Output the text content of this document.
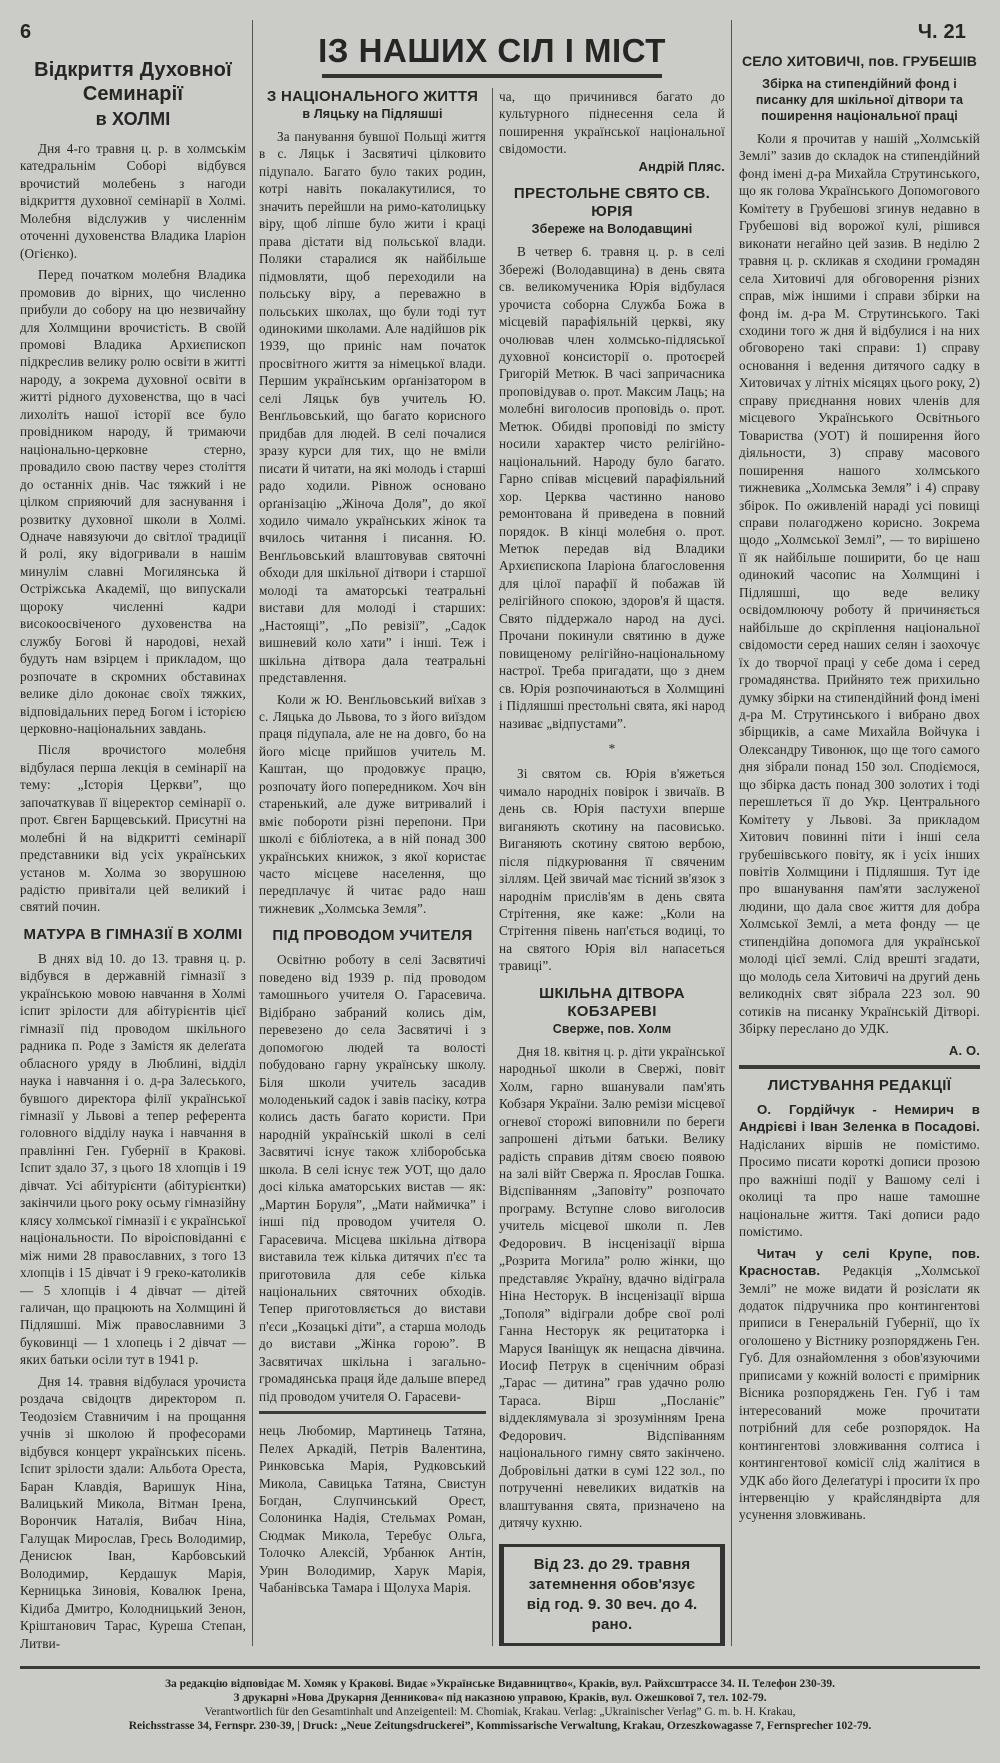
6
Відкриття Духовної Семинарії
в ХОЛМІ

Дня 4-го травня ц. р. в холмськім катедральнім Соборі відбувся врочистий молебень з нагоди відкриття духовної семінарії в Холмі. Молебня відслужив у численнім оточенні духовенства Владика Іларіон (Огієнко).

Перед початком молебня Владика промовив до вірних, що численно прибули до собору на цю незвичайну для Холмщини врочистість. В своїй промові Владика Архиєпископ підкреслив велику ролю освіти в житті народу, а зокрема духовної освіти в житті рідного духовенства, що в часі лихоліть нашої історії все було провідником народу, й тримаючи національно-церковне стерно, провадило свою паству через століття до останніх днів. Час тяжкий і не цілком сприяючий для заснування і розвитку духовної школи в Холмі. Одначе навязуючи до світлої традиції й ролі, яку відогривали в нашім минулім славні Могилянська й Острiжська Академії, що випускали щороку численні кадри високоосвіченого духовенства на службу Богові й народові, нехай будуть нам взірцем і прикладом, що розпочате в скромних обставинах велике діло доконає своїх тяжких, відповідальних перед Богом і історією церковно-національних завдань.

Після врочистого молебня відбулася перша лекція в семінарії на тему: „Історія Церкви”, що започаткував її віцеректор семінарії о. прот. Євген Барщевський. Присутні на молебні й на відкритті семінарії представники від усіх українських установ м. Холма зо зворушною радістю привітали цей великий і святий почин.

МАТУРА В ГІМНАЗІЇ В ХОЛМІ

В днях від 10. до 13. травня ц. р. відбувся в державній гімназії з українською мовою навчання в Холмі іспит зрілости для абітурієнтів цієї гімназії під проводом шкільного радника п. Роде з Замістя як делеґата обласного уряду в Люблині, відділ наука і навчання і о. д-ра Залеського, бувшого директора філії української гімназії у Львові а тепер референта головного відділу наука і навчання в правлінні Ген. Губернії в Кракові. Іспит здало 37, з цього 18 хлопців і 19 дівчат. Усі абітурієнти (абітурієнтки) закінчили цього року осьму гімназійну клясу холмської гімназії і є української національности. По віроісповіданні є між ними 28 православних, з того 13 хлопців і 15 дівчат і 9 греко-католиків — 5 хлопців і 4 дівчат — дітей галичан, що працюють на Холмщині й Підляшші. Між православними 3 буковинці — 1 хлопець і 2 дівчат — яких батьки осіли тут в 1941 р.

Дня 14. травня відбулася урочиста роздача свідоцтв директором п. Теодозієм Ставничим і на прощання учнів зі школою й професорами відбувся концерт українських пісень. Іспит зрілости здали: Альбота Ореста, Баран Клавдія, Варишук Ніна, Валицький Микола, Вітман Ірена, Ворончик Наталія, Вибач Ніна, Галущак Мирослав, Гресь Володимир, Денисюк Іван, Карбовський Володимир, Кердашук Марія, Керницька Зиновія, Ковалюк Ірена, Кідиба Дмитро, Колодницький Зенон, Кріштанович Тарас, Куреша Степан, Литви-

ІЗ НАШИХ СІЛ І МІСТ
З НАЦІОНАЛЬНОГО ЖИТТЯ
в Ляцьку на Підляшші

За панування бувшої Польщі життя в с. Ляцьк і Засвятичі цілковито підупало. Багато було таких родин, котрі навіть покалакутилися, то значить перейшли на римо-католицьку віру, щоб ліпше було жити і краці права дістати від польської влади. Поляки старалися як найбільше підмовляти, щоб переходили на польську віру, а переважно в польських школах, що були тоді тут одинокими школами. Але надійшов рік 1939, що приніс нам початок просвітного життя за німецької влади. Першим українським орґанізатором в селі Ляцьк був учитель Ю. Венґльовський, що багато корисного придбав для людей. В селі почалися зразу курси для тих, що не вміли писати й читати, на які молодь і старші радо ходили. Рівнож основано орґанізацію „Жіноча Доля”, до якої ходило чимало українських жінок та вчилось читання і писання. Ю. Венґльовський влаштовував святочні обходи для шкільної дітвори і старшої молоді та аматорські театральні вистави для молоді і старших: „Настоящі”, „По ревізії”, „Садок вишневий коло хати” і інші. Теж і шкільна дітвора дала театральні представлення.

Коли ж Ю. Венґльовський виїхав з с. Ляцька до Львова, то з його виїздом праця підупала, але не на довго, бо на його місце прийшов учитель М. Каштан, що продовжує працю, розпочату його попередником. Хоч він старенький, але дуже витривалий і вміє побороти різні перепони. При школі є бібліотека, а в ній понад 300 українських книжок, з якої користає часто місцеве населення, що передплачує й читає радо наш тижневик „Холмська Земля”.

ПІД ПРОВОДОМ УЧИТЕЛЯ

Освітню роботу в селі Засвятичі поведено від 1939 р. під проводом тамошнього учителя О. Гарасевича. Відібрано забраний колись дім, перевезено до села Засвятичі і з допомогою людей та волості побудовано гарну українську школу. Біля школи учитель засадив молоденький садок і завів пасіку, котра колись дасть багато користи. При народній українській школі в селі Засвятичі існує також хліборобська школа. В селі існує теж УОТ, що дало досі кілька аматорських вистав — як: „Мартин Боруля”, „Мати наймичка” і інші під проводом учителя О. Гарасевича. Місцева шкільна дітвора виставила теж кілька дитячих п'єс та приготовила для себе кілька національних святочних обходів. Тепер приготовляється до вистави п'єси „Козацькі діти”, а старша молодь до вистави „Жінка горою”. В Засвятичах шкільна і загально-громадянська праця йде дальше вперед під проводом учителя О. Гарасеви-

нець Любомир, Мартинець Татяна, Пелех Аркадій, Петрів Валентина, Ринковська Марія, Рудковський Микола, Савицька Татяна, Свистун Богдан, Слупчинський Орест, Солонинка Надія, Стельмах Роман, Сюдмак Микола, Теребус Ольга, Толочко Алексій, Урбанюк Антін, Урин Володимир, Харук Марія, Чабанівська Тамара і Щолуха Марія.

ча, що причинився багато до культурного піднесення села й поширення української національної свідомости.

Андрій Пляс.
ПРЕСТОЛЬНЕ СВЯТО СВ. ЮРІЯ
Збереже на Володавщині

В четвер 6. травня ц. р. в селі Збережі (Володавщина) в день свята св. великомученика Юрія відбулася урочиста соборна Служба Божа в місцевій парафіяльній церкві, яку очолював член холмсько-підляської духовної консисторії о. протоєрей Григорій Метюк. В часі запричасника проповідував о. прот. Максим Лаць; на молебні виголосив проповідь о. прот. Метюк. Обидві проповіді по змісту носили характер чисто релігійно-національний. Народу було багато. Гарно співав місцевий парафіяльний хор. Церква частинно наново ремонтована й приведена в повний порядок. В кінці молебня о. прот. Метюк передав від Владики Архиєпископа Іларіона благословення для цілої парафії й побажав їй релігійного спокою, здоров'я й щастя. Свято піддержало народ на дусі. Прочани покинули святиню в дуже повищеному релігійно-національному настрої. Треба пригадати, що з днем св. Юрія розпочинаються в Холмщині і Підляшші престольні свята, які народ називає „відпустами”.

*

Зі святом св. Юрія в'яжеться чимало народніх повірок і звичаїв. В день св. Юрія пастухи вперше виганяють скотину на пасовисько. Виганяють скотину святою вербою, після підкурювання її свяченим зіллям. Цей звичай має тісний зв'язок з народнім прислів'ям в день свята Стрітення, яке каже: „Коли на Стрітення півень нап'ється водиці, то на святого Юрія віл напасеться травиці”.

ШКІЛЬНА ДІТВОРА КОБЗАРЕВІ
Сверже, пов. Холм

Дня 18. квітня ц. р. діти української народньої школи в Свержі, повіт Холм, гарно вшанували пам'ять Кобзаря України. Залю ремізи місцевої огневої сторожі виповнили по береги запрошені дітьми батьки. Велику радість справив дітям своєю появою на залі війт Свержа п. Ярослав Гошка. Відспіванням „Заповіту” розпочато програму. Вступне слово виголосив учитель місцевої школи п. Лев Федорович. В інсценізації вірша „Розрита Могила” ролю жінки, що представляє Україну, вдачно відіграла Ніна Несторук. В інсценізації вірша „Тополя” відіграли добре свої ролі Ганна Несторук як рецитаторка і Маруся Іваніщук як нещасна дівчина. Иосиф Петрук в сценічним образі „Тарас — дитина” грав удачно ролю Тараса. Вірш „Посланіє” віддеклямувала зі зрозумінням Ірена Федорович. Відспіванням національного гимну свято закінчено. Добровільні датки в сумі 122 зол., по потрученні невеликих видатків на влаштування свята, призначено на дитячу кухню.

Від 23. до 29. травня
затемнення обов'язує
від год. 9. 30 веч. до 4. рано.
Ч. 21
СЕЛО ХИТОВИЧІ, пов. ГРУБЕШІВ
Збірка на стипендійний фонд і писанку для шкільної дітвори та поширення національної праці

Коли я прочитав у нашій „Холмській Землі” зазив до складок на стипендійний фонд імені д-ра Михайла Струтинського, що як голова Українського Допомогового Комітету в Грубешові згинув недавно в Грубешові від ворожої кулі, рішився виконати негайно цей зазив. В неділю 2 травня ц. р. скликав я сходини громадян села Хитовичі для обговорення різних справ, між іншими і справи збірки на фонд ім. д-ра М. Струтинського. Такі сходини того ж дня й відбулися і на них обговорено такі справи: 1) справу основання і ведення дитячого садку в Хитовичах у літніх місяцях цього року, 2) справу приєднання нових членів для місцевого Українського Освітнього Товариства (УОТ) й поширення його діяльности, 3) справу масового поширення нашого холмського тижневика „Холмська Земля” і 4) справу збірок. По оживленій нараді усі повищі справи полагоджено корисно. Зокрема щодо „Холмської Землі”, — то вирішено її як найбільше поширити, бо це наш одинокий часопис на Холмщині і Підляшші, що веде велику освідомлюючу роботу й причиняється найбільше до скріплення національної свідомости серед наших селян і заохочує їх до творчої праці у себе дома і серед громадянства. Прийнято теж прихильно думку збірки на стипендійний фонд імені д-ра М. Струтинського і вибрано двох збірщиків, а саме Михайла Войчука і Олександру Тивонюк, що ще того самого дня зібрали понад 150 зол. Сподіємося, що збірка дасть понад 300 золотих і тоді перешлеться її до Укр. Центрального Комітету у Львові. За прикладом Хитович повинні піти і інші села грубешівського повіту, як і усіх інших повітів Холмщини і Підляшшя. Тут іде про вшанування пам'яти заслуженої людини, що дала своє життя для добра Холмської Землі, а мета фонду — це стипендійна допомога для української молоді цієї землі. Слід врешті згадати, що молодь села Хитовичі на другий день великодніх свят зібрала 223 зол. 90 сотиків на писанку Українській Дітворі. Збірку переслано до УДК.

А. О.
ЛИСТУВАННЯ РЕДАКЦІЇ

О. Гордійчук - Немирич в Андрієві і Іван Зеленка в Посадові. Надісланих віршів не помістимо. Просимо писати короткі дописи прозою про важніші події у Вашому селі і околиці та про наше тамошне національне життя. Такі дописи радо помістимо.

Читач у селі Крупе, пов. Красностав. Редакція „Холмської Землі” не може видати й розіслати як додаток підручника про контингентові приписи в Генеральній Губернії, що їх оголошено у Вістнику розпоряджень Ген. Губ. Для ознайомлення з обов'язуючими приписами у кожній волості є примірник Вісника розпоряджень Ген. Губ і там інтересований може прочитати потрібний для себе розпорядок. На контингентові зловживання солтиса і контингентової комісії слід жалітися в УДК або його Делеґатурі і просити їх про інтервенцію у крайсляндвірта для усунення зловживань.

За редакцію відповідає М. Хомяк у Кракові. Видає »Українське Видавництво«, Краків, вул. Райхсштрассе 34. II. Телефон 230-39.
З друкарні »Нова Друкарня Денникова« під наказною управою, Краків, вул. Ожешкової 7, тел. 102-79.
Verantwortlich für den Gesamtinhalt und Anzeigenteil: M. Chomiak, Krakau. Verlag: „Ukrainischer Verlag” G. m. b. H. Krakau,
Reichsstrasse 34, Fernspr. 230-39, | Druck: „Neue Zeitungsdruckerei”, Kommissarische Verwaltung, Krakau, Orzeszkowagasse 7, Fernsprecher 102-79.
